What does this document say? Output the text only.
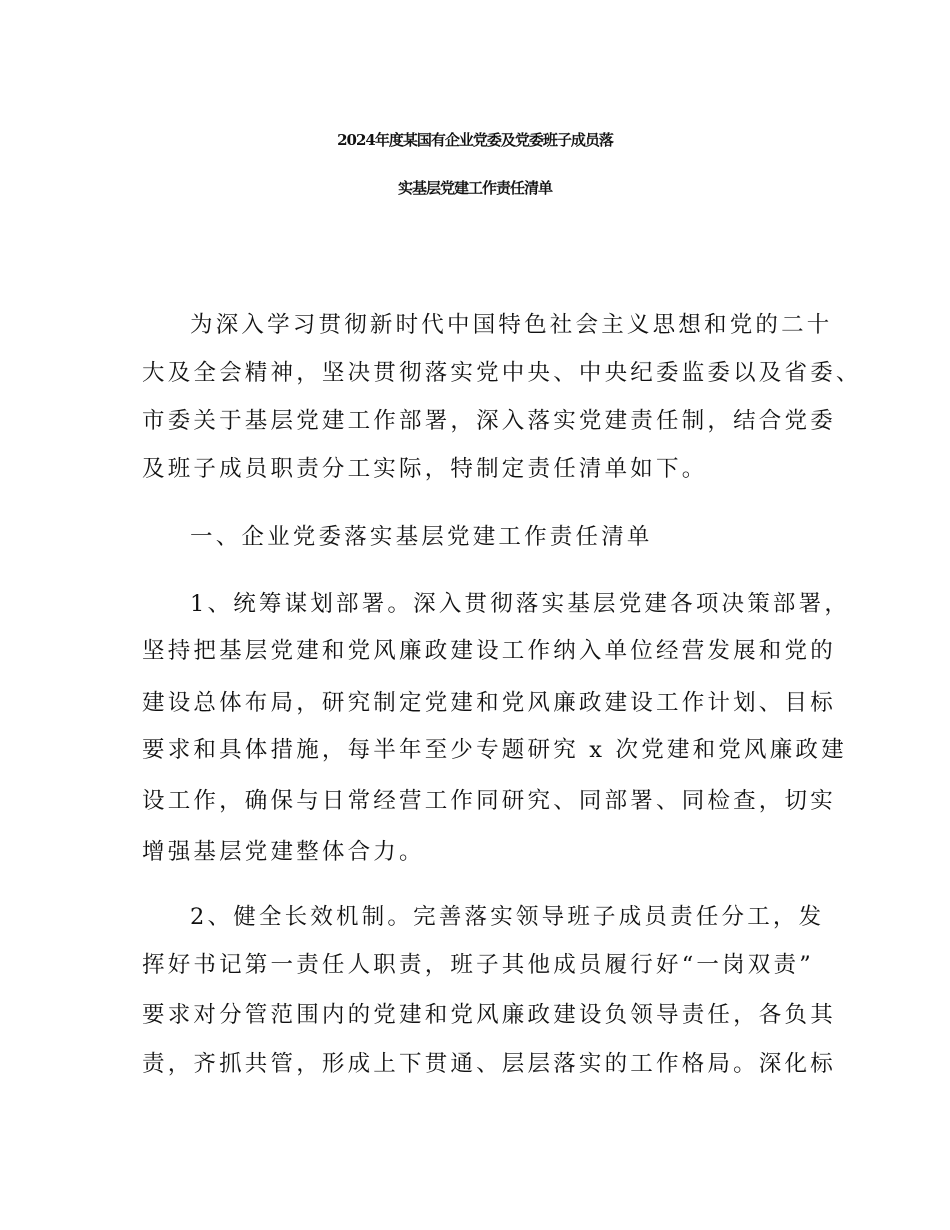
2024年度某国有企业党委及党委班子成员落
实基层党建工作责任清单
为深入学习贯彻新时代中国特色社会主义思想和党的二十
大及全会精神，坚决贯彻落实党中央、中央纪委监委以及省委、
市委关于基层党建工作部署，深入落实党建责任制，结合党委
及班子成员职责分工实际，特制定责任清单如下。
一、企业党委落实基层党建工作责任清单
1、统筹谋划部署。深入贯彻落实基层党建各项决策部署，
坚持把基层党建和党风廉政建设工作纳入单位经营发展和党的
建设总体布局，研究制定党建和党风廉政建设工作计划、目标
要求和具体措施，每半年至少专题研究 x 次党建和党风廉政建
设工作，确保与日常经营工作同研究、同部署、同检查，切实
增强基层党建整体合力。
2、健全长效机制。完善落实领导班子成员责任分工，发
挥好书记第一责任人职责，班子其他成员履行好“一岗双责”
要求对分管范围内的党建和党风廉政建设负领导责任，各负其
责，齐抓共管，形成上下贯通、层层落实的工作格局。深化标
